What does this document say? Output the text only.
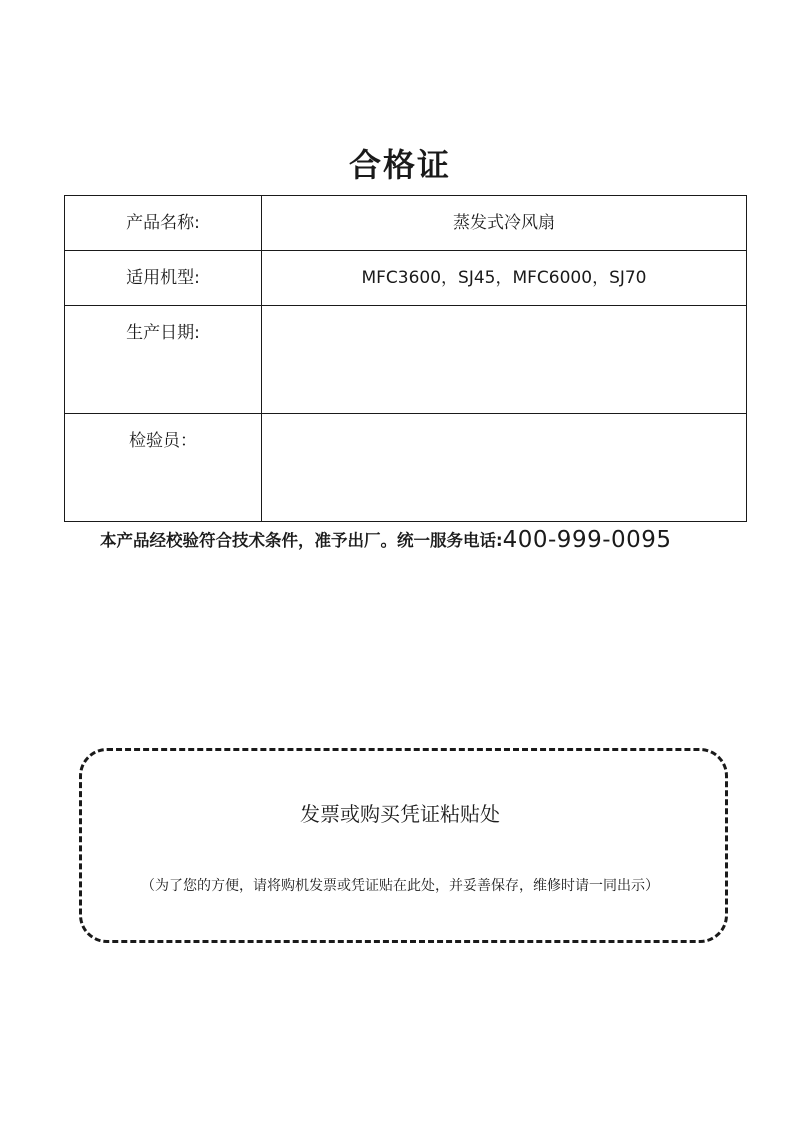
合格证
产品名称:	蒸发式冷风扇

适用机型:	MFC3600，SJ45，MFC6000，SJ70

生产日期:	

检验员：	

本产品经校验符合技术条件，准予出厂。统一服务电话:400-999-0095
发票或购买凭证粘贴处
（为了您的方便，请将购机发票或凭证贴在此处，并妥善保存，维修时请一同出示）
